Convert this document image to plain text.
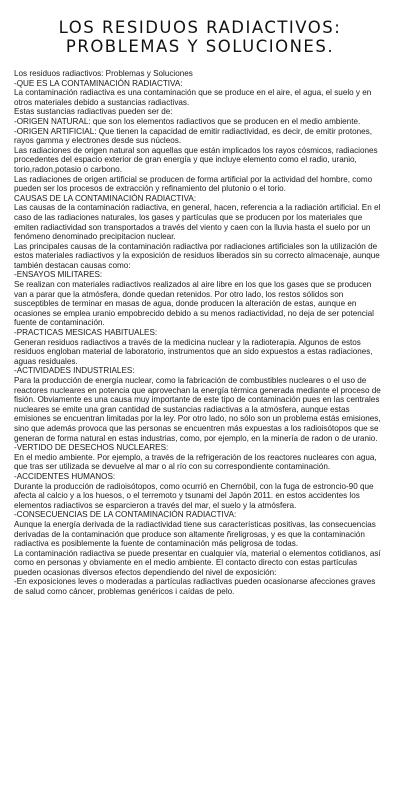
LOS RESIDUOS RADIACTIVOS:
PROBLEMAS Y SOLUCIONES.

Los residuos radiactivos: Problemas y Soluciones

-QUE ES LA CONTAMINACIÓN RADIACTIVA:

La contaminación radiactiva es una contaminación que se produce en el aire, el agua, el suelo y en otros materiales debido a sustancias radiactivas.

Estas sustancias radiactivas pueden ser de:

-ORIGEN NATURAL: que son los elementos radiactivos que se producen en el medio ambiente.

-ORIGEN ARTIFICIAL: Que tienen la capacidad de emitir radiactividad, es decir, de emitir protones, rayos gamma y electrones desde sus núcleos.

Las radiaciones de origen natural son aquellas que están implicados los rayos cósmicos, radiaciones procedentes del espacio exterior de gran energía y que incluye elemento como el radio, uranio, torio,radon,potasio o carbono.

Las radiaciones de origen artificial se producen de forma artificial por la actividad del hombre, como pueden ser los procesos de extracción y refinamiento del plutonio o el torio.

CAUSAS DE LA CONTAMINACIÓN RADIACTIVA:

Las causas de la contaminación radiactiva, en general, hacen, referencia a la radiación artificial. En el caso de las radiaciones naturales, los gases y partículas que se producen por los materiales que emiten radiactividad son transportados a través del viento y caen con la lluvia hasta el suelo por un fenómeno denominado precipitacion nuclear.

Las principales causas de la contaminación radiactiva por radiaciones artificiales son la utilización de estos materiales radiactivos y la exposición de residuos liberados sin su correcto almacenaje, aunque también destacan causas como:

-ENSAYOS MILITARES:

Se realizan con materiales radiactivos realizados al aire libre en los que los gases que se producen van a parar que la atmósfera, donde quedan retenidos. Por otro lado, los restos sólidos son susceptibles de terminar en masas de agua, donde producen la alteración de estas, aunque en ocasiones se emplea uranio empobrecido debido a su menos radiactividad, no deja de ser potencial fuente de contaminación.

-PRACTICAS MESICAS HABITUALES:

Generan residuos radiactivos a través de la medicina nuclear y la radioterapia. Algunos de estos residuos engloban material de laboratorio, instrumentos que an sido expuestos a estas radiaciones, aguas residuales.

-ACTIVIDADES INDUSTRIALES:

Para la producción de energía nuclear, como la fabricación de combustibles nucleares o el uso de reactores nucleares en potencia que aprovechan la energía térmica generada mediante el proceso de fisión. Obviamente es una causa muy importante de este tipo de contaminación pues en las centrales nucleares se emite una gran cantidad de sustancias radiactivas a la atmósfera, aunque estas emisiones se encuentran limitadas por la ley. Por otro lado, no sólo son un problema estás emisiones, sino que además provoca que las personas se encuentren más expuestas a los radioisótopos que se generan de forma natural en estas industrias, como, por ejemplo, en la minería de radon o de uranio.

-VERTIDO DE DESECHOS NUCLEARES:

En el medio ambiente. Por ejemplo, a través de la refrigeración de los reactores nucleares con agua, que tras ser utilizada se devuelve al mar o al río con su correspondiente contaminación.

-ACCIDENTES HUMANOS:

Durante la producción de radioisótopos, como ocurrió en Chernóbil, con la fuga de estroncio-90 que afecta al calcio y a los huesos, o el terremoto y tsunami del Japón 2011. en estos accidentes los elementos radiactivos se esparcieron a través del mar, el suelo y la atmósfera.

-CONSECUENCIAS DE LA CONTAMINACIÓN RADIACTIVA:

Aunque la energía derivada de la radiactividad tiene sus características positivas, las consecuencias derivadas de la contaminación que produce son altamente ñreligrosas, y es que la contaminación radiactiva es posiblemente la fuente de contaminación más peligrosa de todas.

La contaminación radiactiva se puede presentar en cualquier vía, material o elementos cotidianos, así como en personas y obviamente en el medio ambiente. El contacto directo con estas partículas pueden ocasionas diversos efectos dependiendo del nivel de exposición:

-En exposiciones leves o moderadas a partículas radiactivas pueden ocasionarse afecciones graves de salud como cáncer, problemas genéricos i caídas de pelo.
